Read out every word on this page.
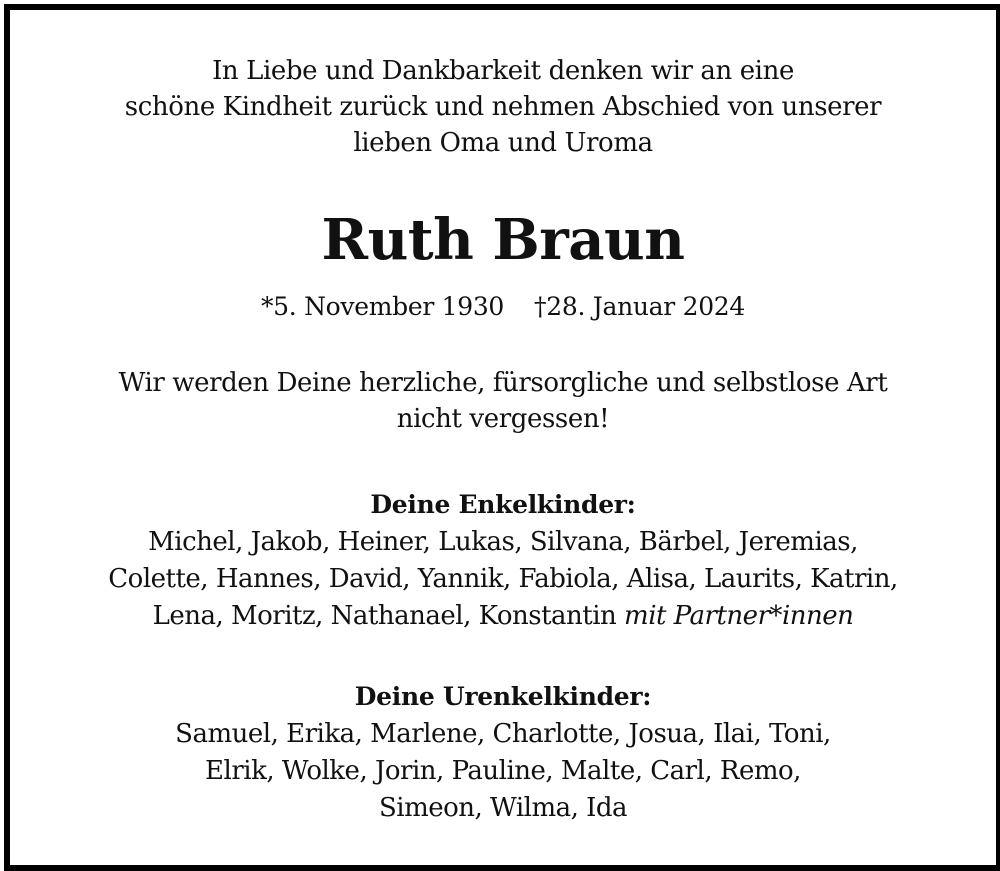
In Liebe und Dankbarkeit denken wir an eine
schöne Kindheit zurück und nehmen Abschied von unserer
lieben Oma und Uroma
Ruth Braun
*5. November 1930 †28. Januar 2024
Wir werden Deine herzliche, fürsorgliche und selbstlose Art
nicht vergessen!
Deine Enkelkinder:
Michel, Jakob, Heiner, Lukas, Silvana, Bärbel, Jeremias,
Colette, Hannes, David, Yannik, Fabiola, Alisa, Laurits, Katrin,
Lena, Moritz, Nathanael, Konstantin mit Partner*innen
Deine Urenkelkinder:
Samuel, Erika, Marlene, Charlotte, Josua, Ilai, Toni,
Elrik, Wolke, Jorin, Pauline, Malte, Carl, Remo,
Simeon, Wilma, Ida
